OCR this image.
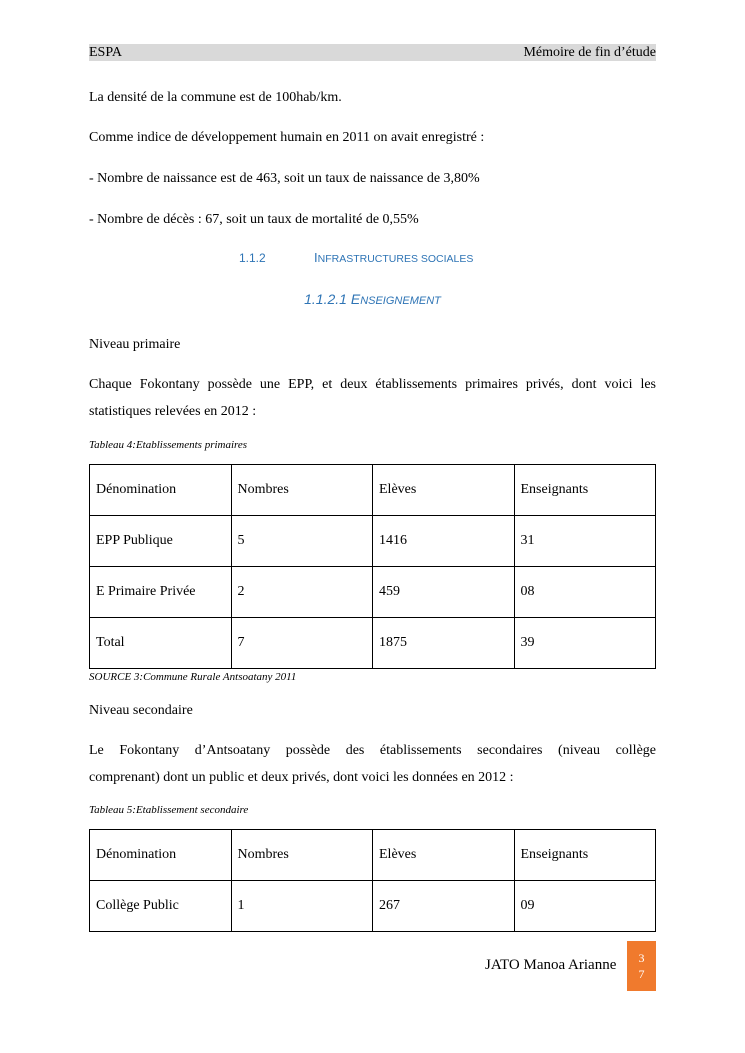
ESPA	Mémoire de fin d’étude
La densité de la commune est de 100hab/km.
Comme indice de développement humain en 2011 on avait enregistré :
- Nombre de naissance est de 463, soit un taux de naissance de 3,80%
- Nombre de décès : 67, soit un taux de mortalité de 0,55%
1.1.2	INFRASTRUCTURES SOCIALES
1.1.2.1 ENSEIGNEMENT
Niveau primaire
Chaque Fokontany possède une EPP, et deux établissements primaires privés, dont voici les
statistiques relevées en 2012 :
Tableau 4:Etablissements primaires
Dénomination	Nombres	Elèves	Enseignants
EPP Publique	5	1416	31
E Primaire Privée	2	459	08
Total	7	1875	39
SOURCE 3:Commune Rurale Antsoatany 2011
Niveau secondaire
Le Fokontany d’Antsoatany possède des établissements secondaires (niveau collège
comprenant) dont un public et deux privés, dont voici les données en 2012 :
Tableau 5:Etablissement secondaire
Dénomination	Nombres	Elèves	Enseignants
Collège Public	1	267	09
JATO Manoa Arianne	3
7
